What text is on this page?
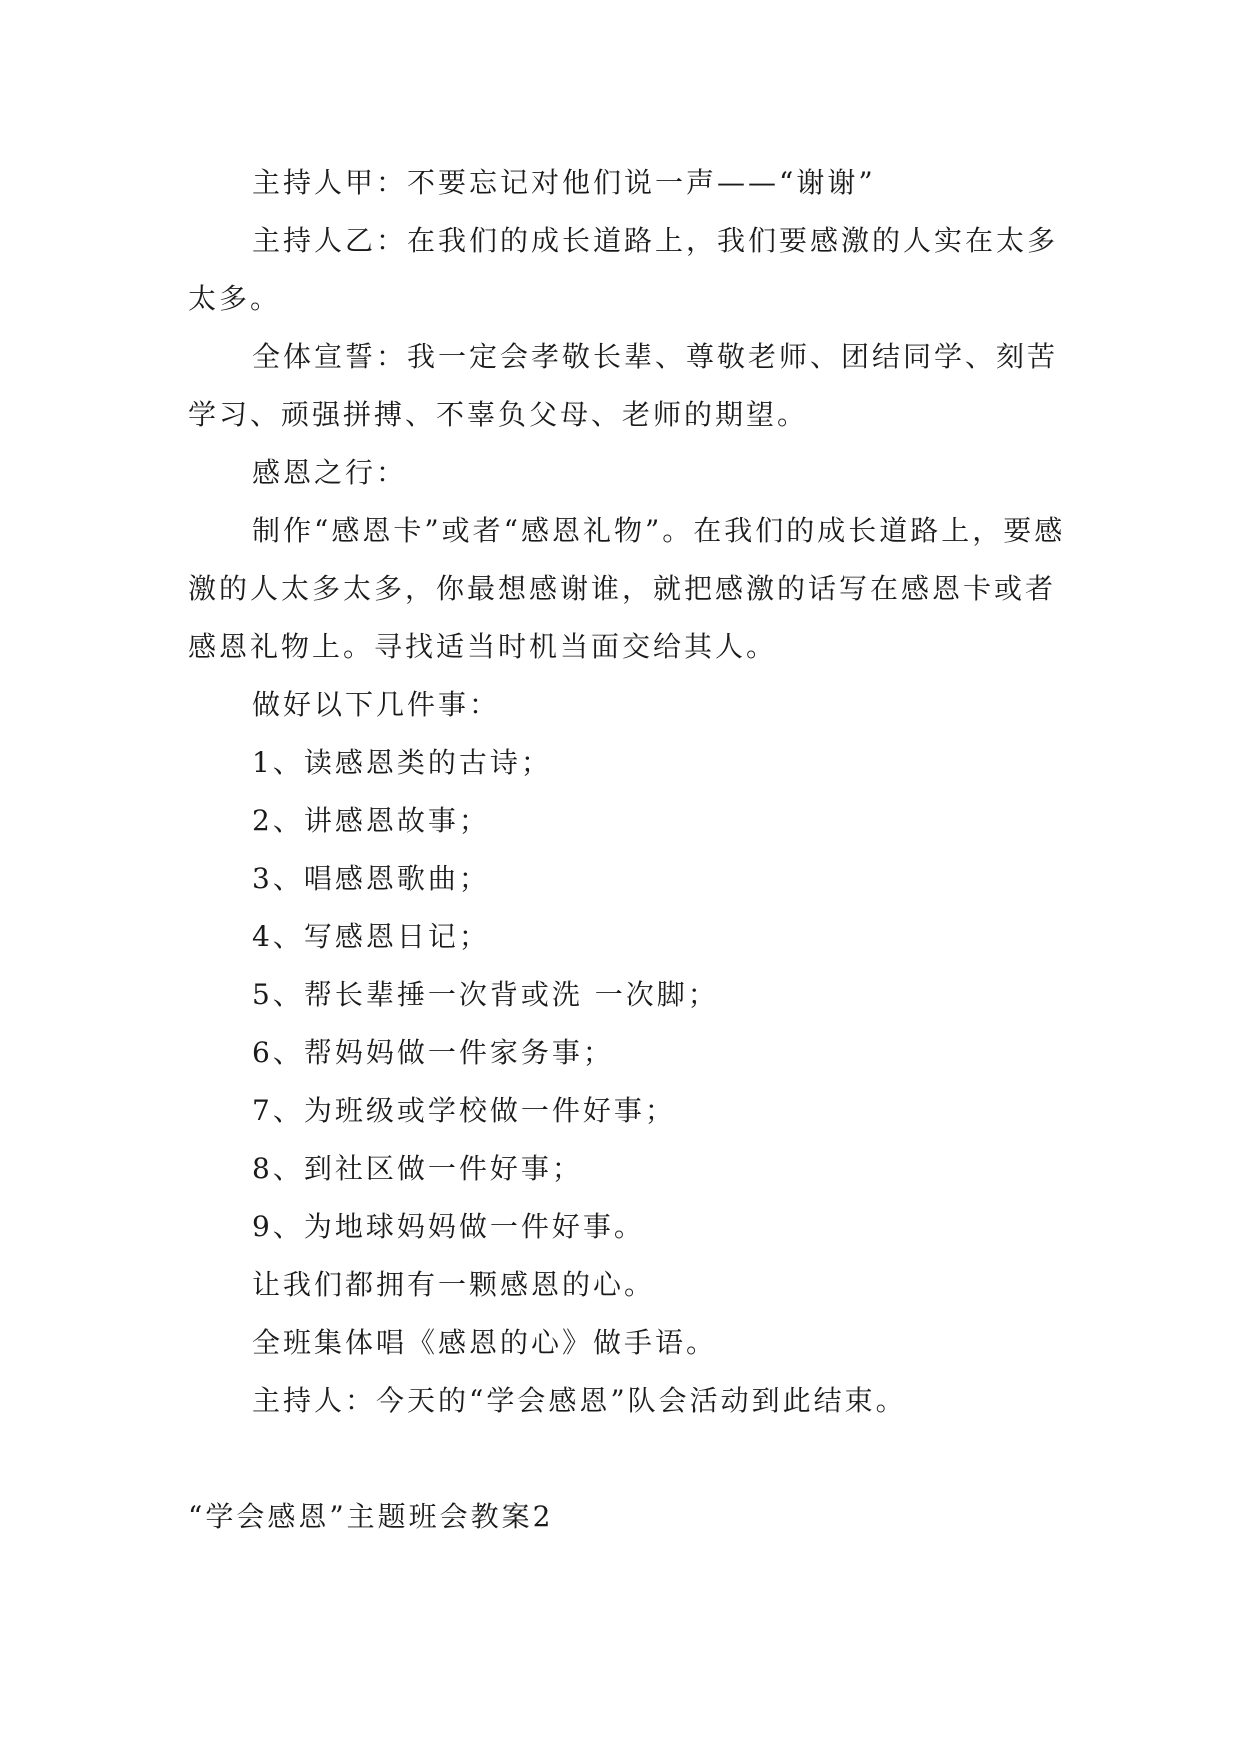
主持人甲：不要忘记对他们说一声——“谢谢”

主持人乙：在我们的成长道路上，我们要感激的人实在太多太多。

全体宣誓：我一定会孝敬长辈、尊敬老师、团结同学、刻苦学习、顽强拼搏、不辜负父母、老师的期望。

感恩之行：

制作“感恩卡”或者“感恩礼物”。在我们的成长道路上，要感激的人太多太多，你最想感谢谁，就把感激的话写在感恩卡或者感恩礼物上。寻找适当时机当面交给其人。

做好以下几件事：

1、读感恩类的古诗；

2、讲感恩故事；

3、唱感恩歌曲；

4、写感恩日记；

5、帮长辈捶一次背或洗 一次脚；

6、帮妈妈做一件家务事；

7、为班级或学校做一件好事；

8、到社区做一件好事；

9、为地球妈妈做一件好事。

让我们都拥有一颗感恩的心。

全班集体唱《感恩的心》做手语。

主持人：今天的“学会感恩”队会活动到此结束。

“学会感恩”主题班会教案2
